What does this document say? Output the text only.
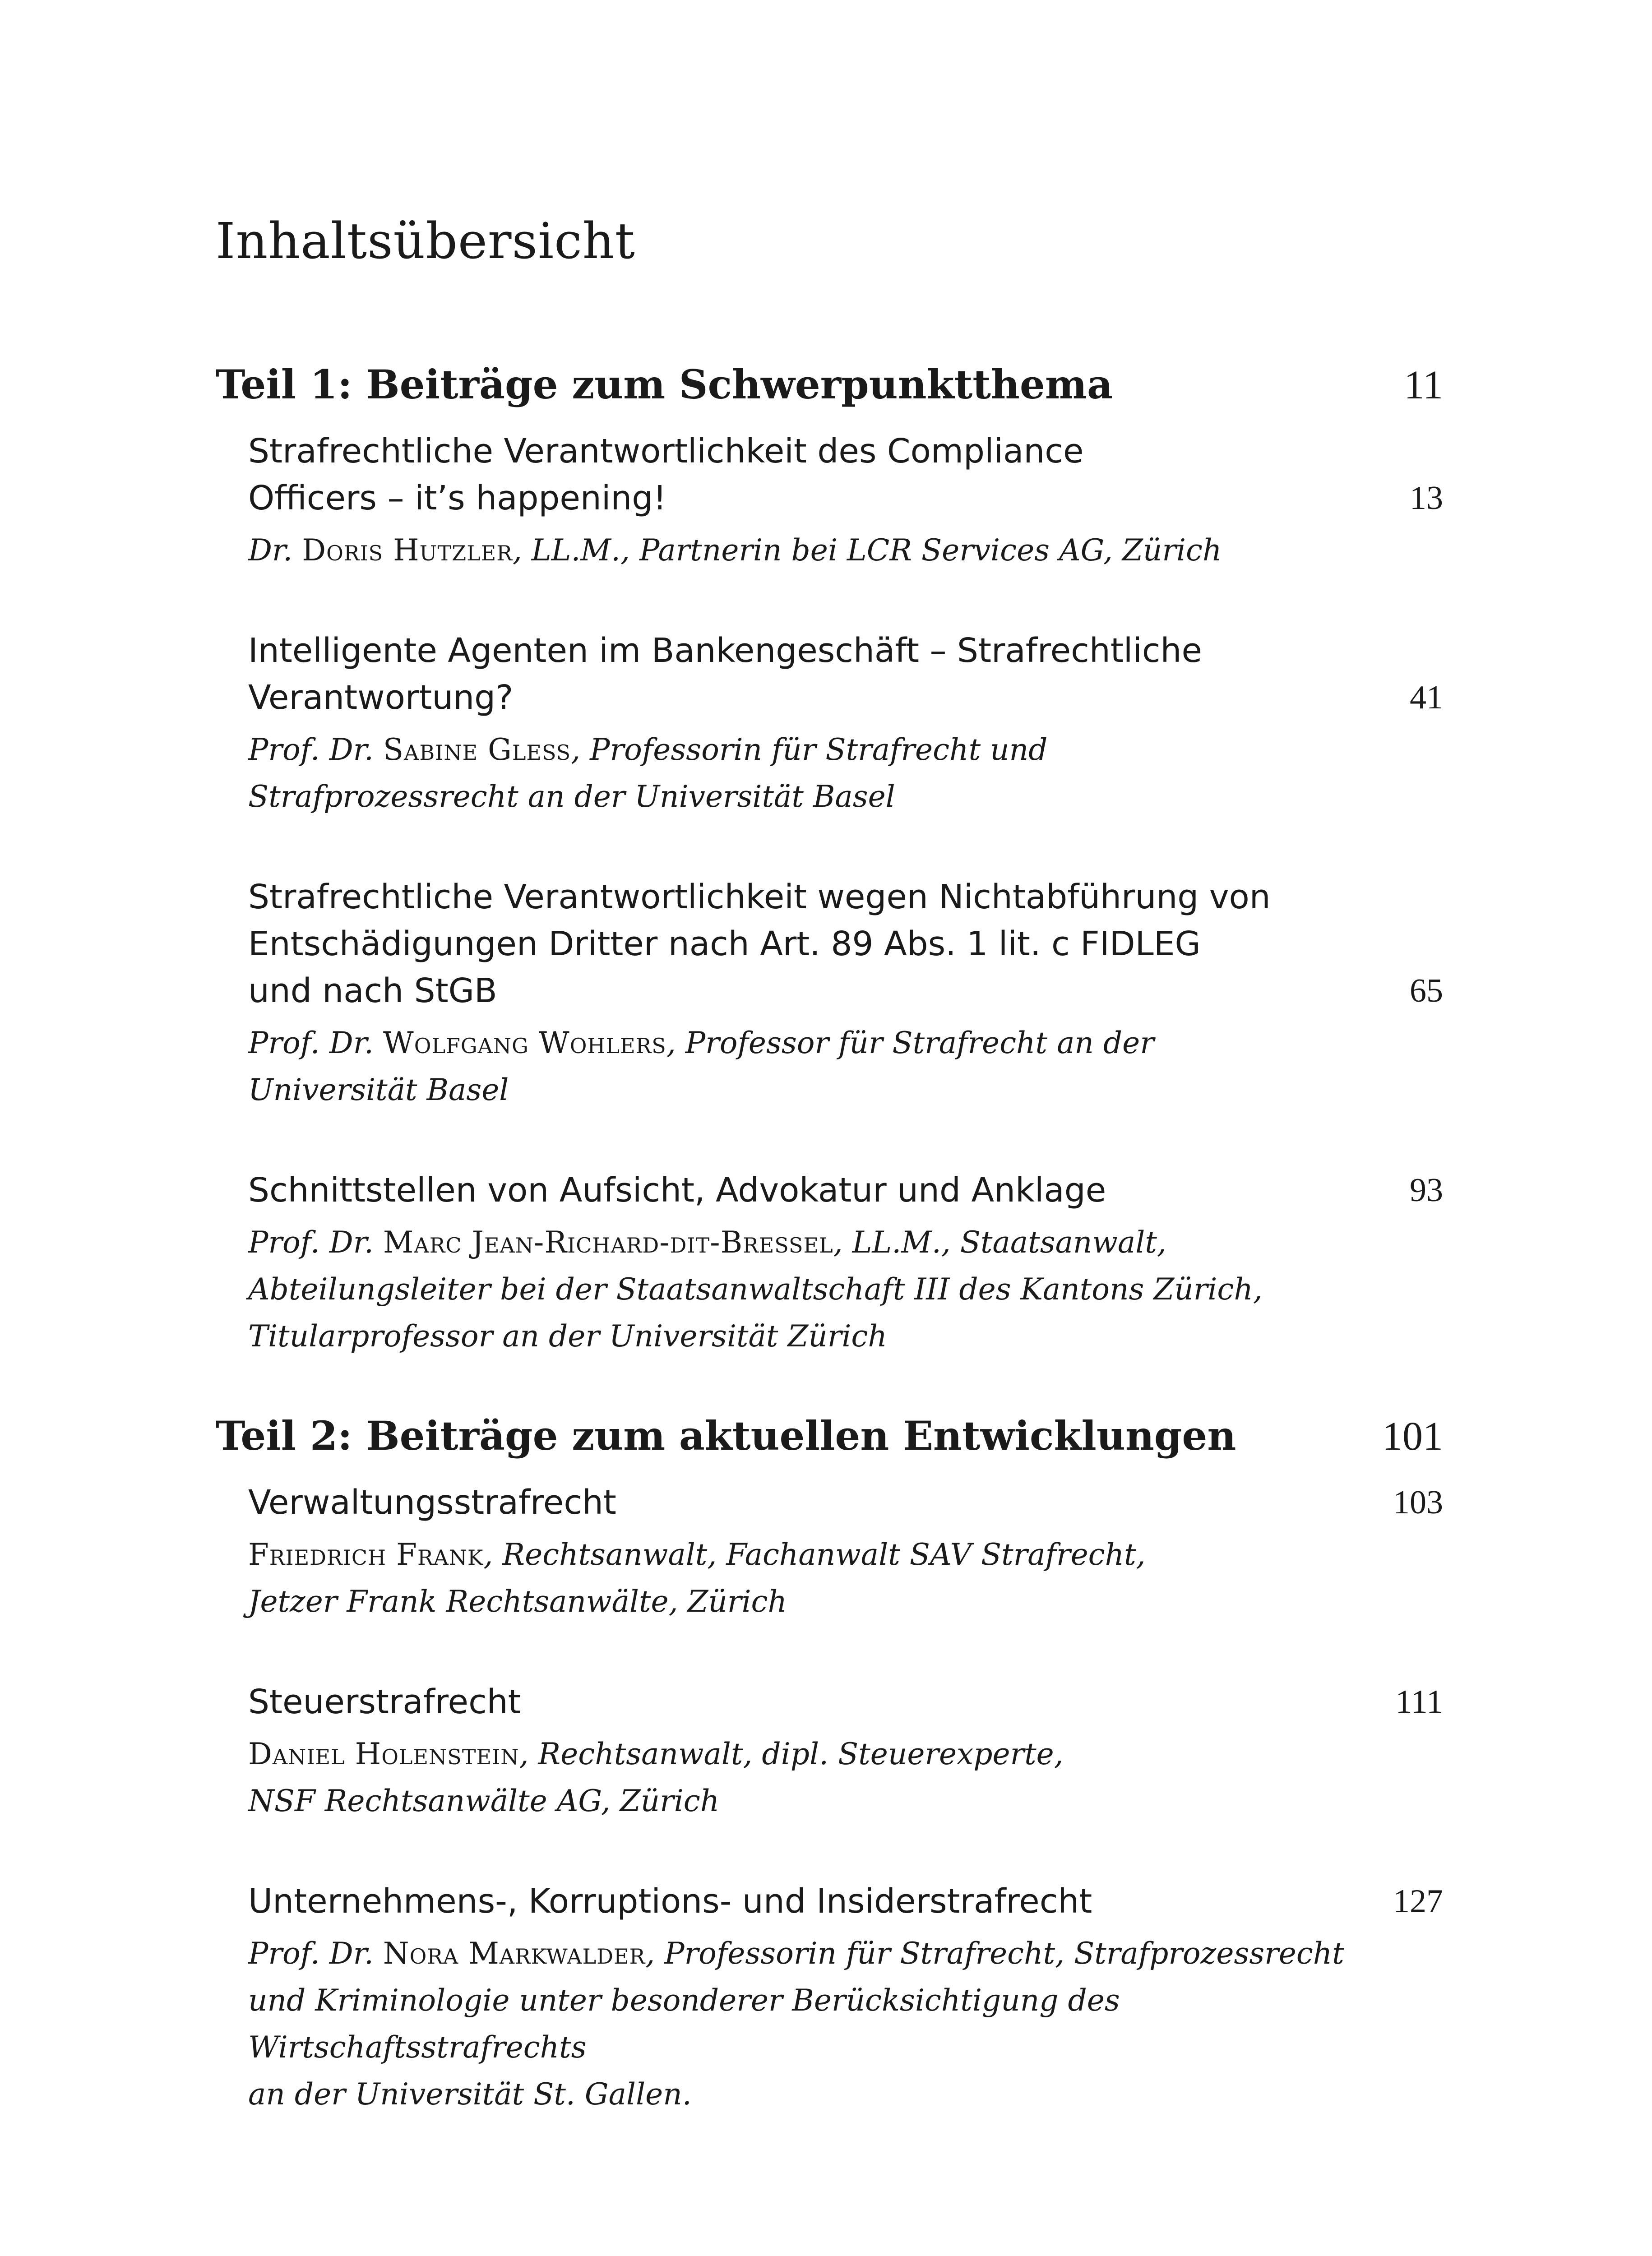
Inhaltsübersicht
Teil 1: Beiträge zum Schwerpunktthema	11
Strafrechtliche Verantwortlichkeit des Compliance
Officers – it’s happening!	13
Dr. Doris Hutzler, LL.M., Partnerin bei LCR Services AG, Zürich
Intelligente Agenten im Bankengeschäft – Strafrechtliche
Verantwortung?	41
Prof. Dr. Sabine Gless, Professorin für Strafrecht und
Strafprozessrecht an der Universität Basel
Strafrechtliche Verantwortlichkeit wegen Nichtabführung von
Entschädigungen Dritter nach Art. 89 Abs. 1 lit. c FIDLEG
und nach StGB	65
Prof. Dr. Wolfgang Wohlers, Professor für Strafrecht an der
Universität Basel
Schnittstellen von Aufsicht, Advokatur und Anklage	93
Prof. Dr. Marc Jean-Richard-dit-Bressel, LL.M., Staatsanwalt,
Abteilungsleiter bei der Staatsanwaltschaft III des Kantons Zürich,
Titularprofessor an der Universität Zürich
Teil 2: Beiträge zum aktuellen Entwicklungen	101
Verwaltungsstrafrecht	103
Friedrich Frank, Rechtsanwalt, Fachanwalt SAV Strafrecht,
Jetzer Frank Rechtsanwälte, Zürich
Steuerstrafrecht	111
Daniel Holenstein, Rechtsanwalt, dipl. Steuerexperte,
NSF Rechtsanwälte AG, Zürich
Unternehmens-, Korruptions- und Insiderstrafrecht	127
Prof. Dr. Nora Markwalder, Professorin für Strafrecht, Strafprozessrecht
und Kriminologie unter besonderer Berücksichtigung des Wirtschaftsstrafrechts
an der Universität St. Gallen.
